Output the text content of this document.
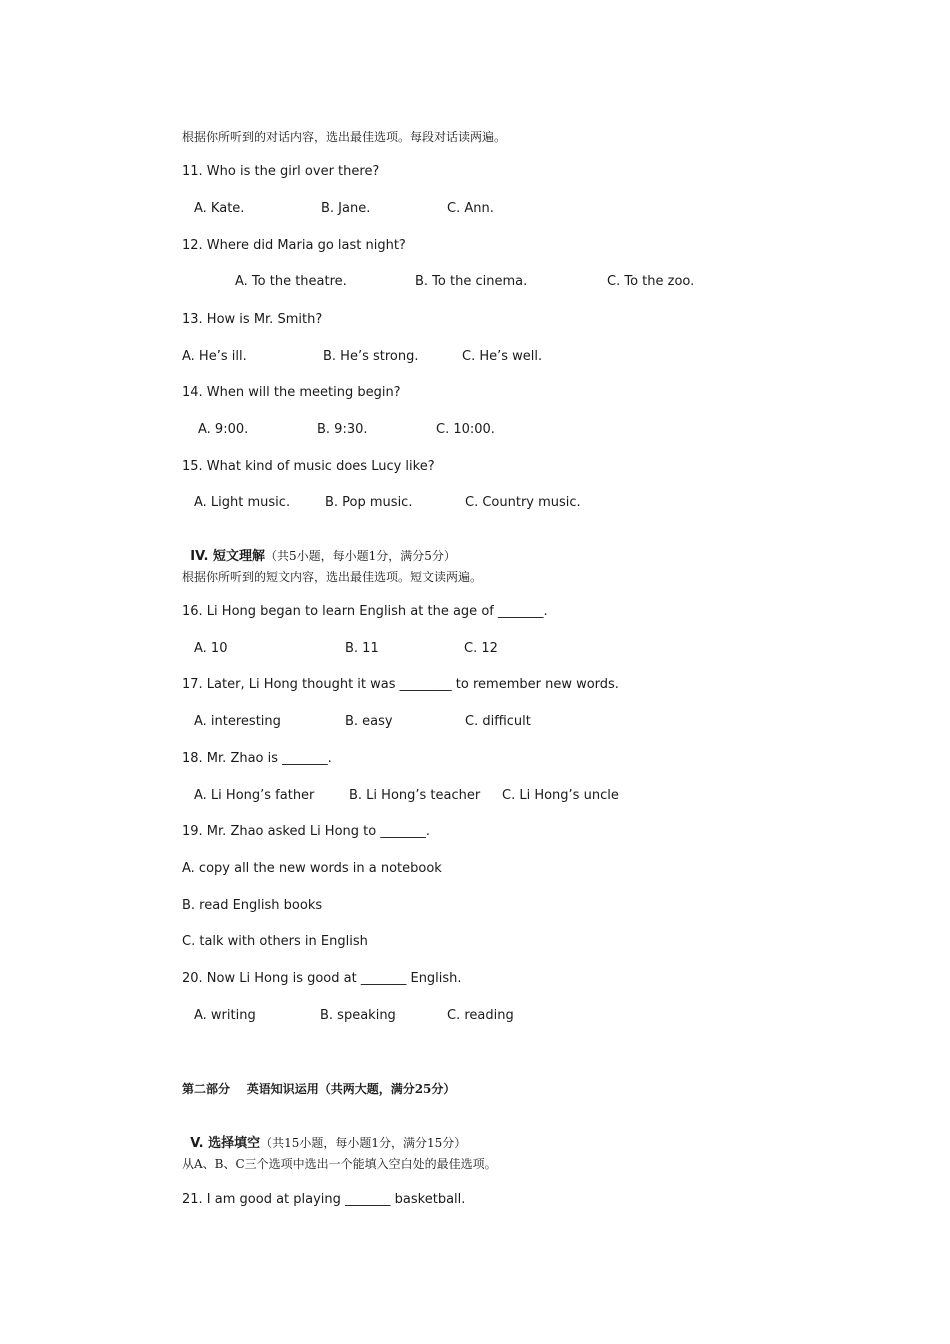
根据你所听到的对话内容，选出最佳选项。每段对话读两遍。
11. Who is the girl over there?
A. Kate.	B. Jane.	C. Ann.
12. Where did Maria go last night?
A. To the theatre.	B. To the cinema.	C. To the zoo.
13. How is Mr. Smith?
A. He’s ill.	B. He’s strong.	C. He’s well.
14. When will the meeting begin?
A. 9:00.	B. 9:30.	C. 10:00.
15. What kind of music does Lucy like?
A. Light music.	B. Pop music.	C. Country music.

IV. 短文理解（共5小题，每小题1分，满分5分）

根据你所听到的短文内容，选出最佳选项。短文读两遍。
16. Li Hong began to learn English at the age of _______.
A. 10	B. 11	C. 12
17. Later, Li Hong thought it was ________ to remember new words.
A. interesting	B. easy	C. difficult
18. Mr. Zhao is _______.
A. Li Hong’s father	B. Li Hong’s teacher C. Li Hong’s uncle
19. Mr. Zhao asked Li Hong to _______.
A. copy all the new words in a notebook
B. read English books
C. talk with others in English
20. Now Li Hong is good at _______ English.
A. writing	B. speaking	C. reading
第二部分    英语知识运用（共两大题，满分25分）

V. 选择填空（共15小题，每小题1分，满分15分）

从A、B、C三个选项中选出一个能填入空白处的最佳选项。
21. I am good at playing _______ basketball.
